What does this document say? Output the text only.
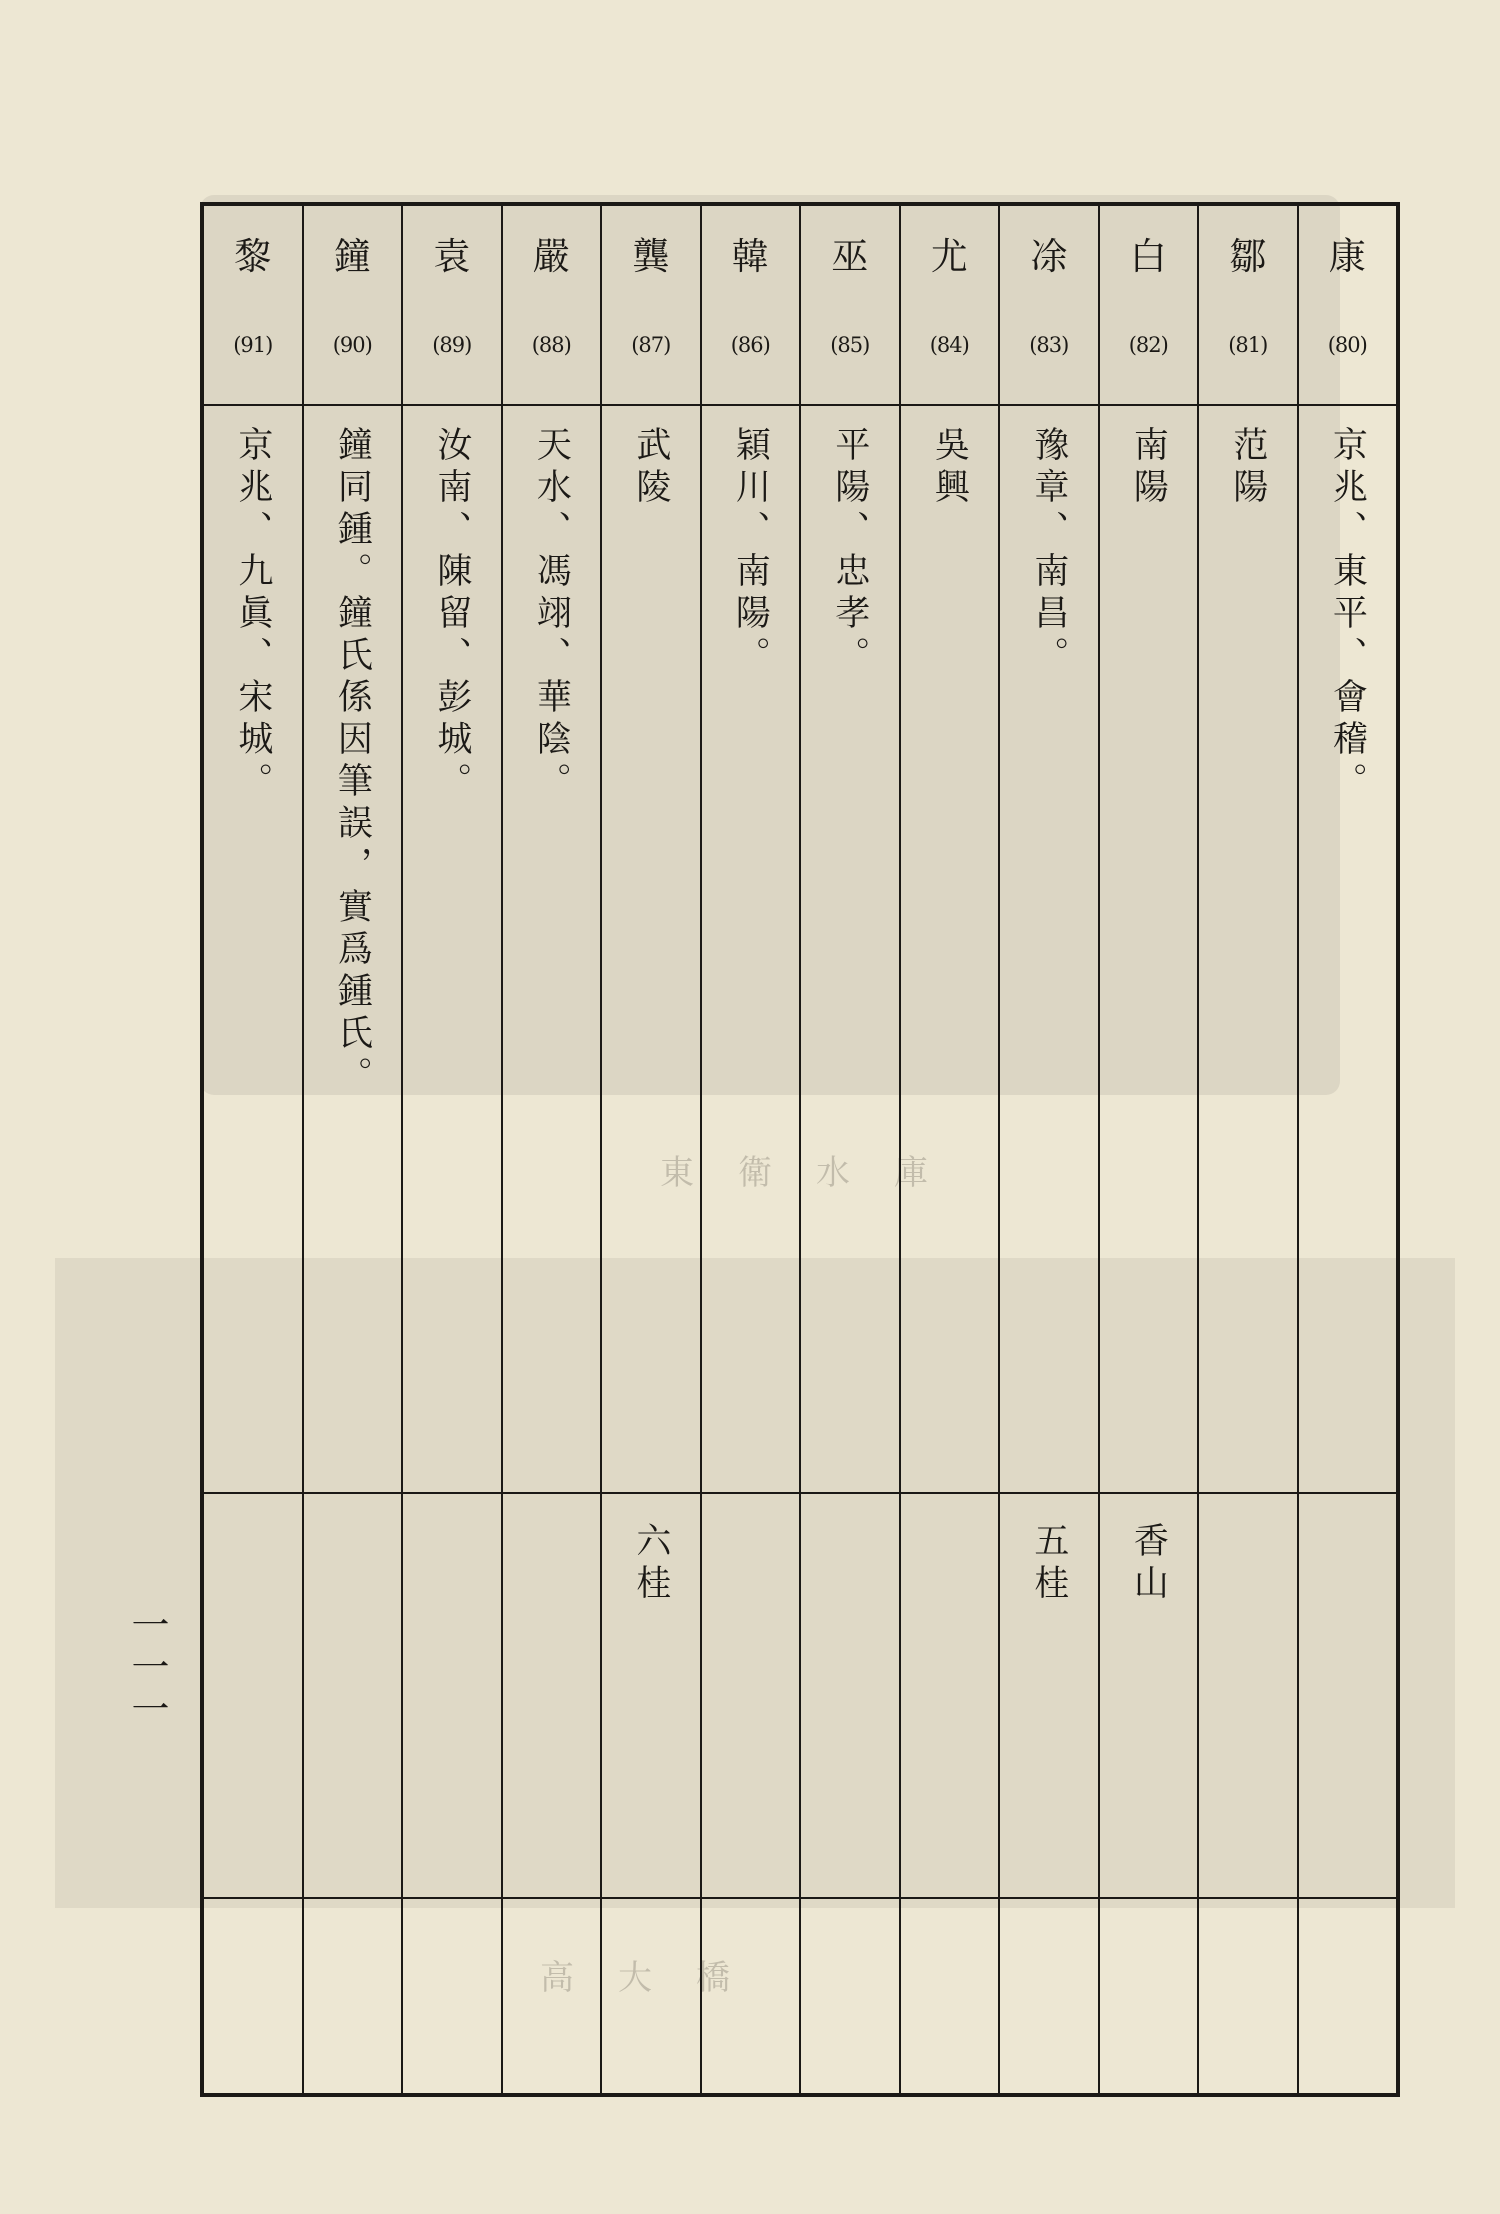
東衛水庫
高大橋
康
(80)
京兆、東平、會稽。
鄒
(81)
范陽
白
(82)
南陽
香山
凃
(83)
豫章、南昌。
五桂
尤
(84)
吳興
巫
(85)
平陽、忠孝。
韓
(86)
穎川、南陽。
龔
(87)
武陵
六桂
嚴
(88)
天水、馮翊、華陰。
袁
(89)
汝南、陳留、彭城。
鐘
(90)
鐘同鍾。鐘氏係因筆誤，實爲鍾氏。
黎
(91)
京兆、九眞、宋城。
一一一
